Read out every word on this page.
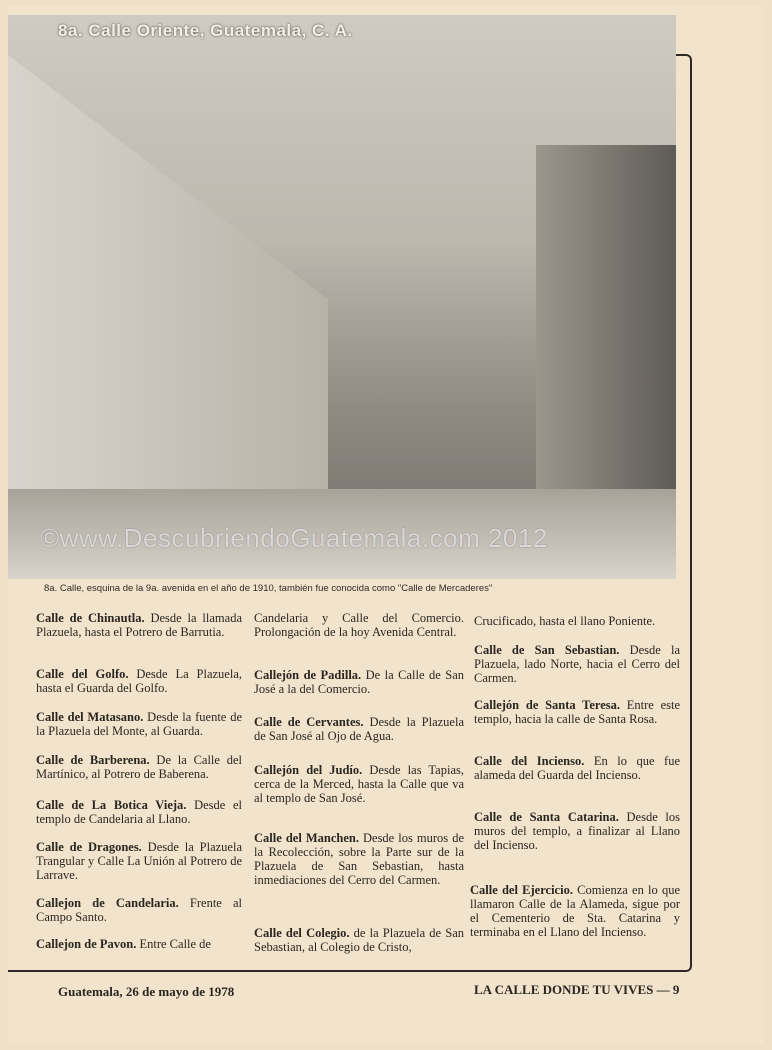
8a. Calle Oriente, Guatemala, C. A.
©www.DescubriendoGuatemala.com 2012
8a. Calle, esquina de la 9a. avenida en el año de 1910, también fue conocida como "Calle de Mercaderes"
Calle de Chinautla. Desde la llamada Plazuela, hasta el Potrero de Barrutia.
Calle del Golfo. Desde La Plazuela, hasta el Guarda del Golfo.
Calle del Matasano. Desde la fuente de la Plazuela del Monte, al Guarda.
Calle de Barberena. De la Calle del Martínico, al Potrero de Baberena.
Calle de La Botica Vieja. Desde el templo de Candelaria al Llano.
Calle de Dragones. Desde la Plazuela Trangular y Calle La Unión al Potrero de Larrave.
Callejon de Candelaria. Frente al Campo Santo.
Callejon de Pavon. Entre Calle de
Candelaria y Calle del Comercio. Prolongación de la hoy Avenida Central.
Callejón de Padilla. De la Calle de San José a la del Comercio.
Calle de Cervantes. Desde la Plazuela de San José al Ojo de Agua.
Callejón del Judío. Desde las Tapias, cerca de la Merced, hasta la Calle que va al templo de San José.
Calle del Manchen. Desde los muros de la Recolección, sobre la Parte sur de la Plazuela de San Sebastian, hasta inmediaciones del Cerro del Carmen.
Calle del Colegio. de la Plazuela de San Sebastian, al Colegio de Cristo,
Crucificado, hasta el llano Poniente.
Calle de San Sebastian. Desde la Plazuela, lado Norte, hacia el Cerro del Carmen.
Callejón de Santa Teresa. Entre este templo, hacia la calle de Santa Rosa.
Calle del Incienso. En lo que fue alameda del Guarda del Incienso.
Calle de Santa Catarina. Desde los muros del templo, a finalizar al Llano del Incienso.
Calle del Ejercicio. Comienza en lo que llamaron Calle de la Alameda, sigue por el Cementerio de Sta. Catarina y terminaba en el Llano del Incienso.
Guatemala, 26 de mayo de 1978	LA CALLE DONDE TU VIVES — 9
